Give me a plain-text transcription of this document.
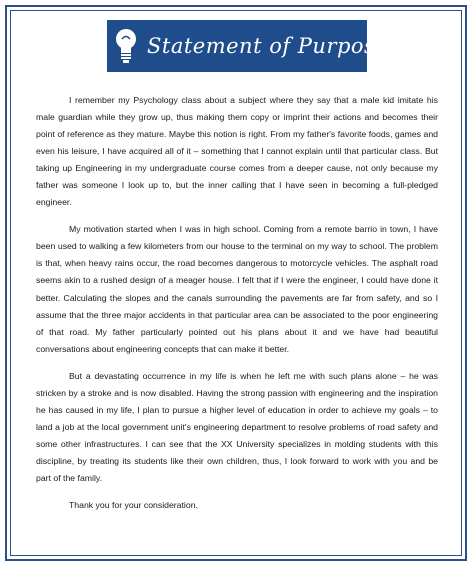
Statement of Purpose .org

I remember my Psychology class about a subject where they say that a male kid imitate his male guardian while they grow up, thus making them copy or imprint their actions and becomes their point of reference as they mature. Maybe this notion is right. From my father's favorite foods, games and even his leisure, I have acquired all of it – something that I cannot explain until that particular class. But taking up Engineering in my undergraduate course comes from a deeper cause, not only because my father was someone I look up to, but the inner calling that I have seen in becoming a full-pledged engineer.

My motivation started when I was in high school. Coming from a remote barrio in town, I have been used to walking a few kilometers from our house to the terminal on my way to school. The problem is that, when heavy rains occur, the road becomes dangerous to motorcycle vehicles. The asphalt road seems akin to a rushed design of a meager house. I felt that if I were the engineer, I could have done it better. Calculating the slopes and the canals surrounding the pavements are far from safety, and so I assume that the three major accidents in that particular area can be associated to the poor engineering of that road. My father particularly pointed out his plans about it and we have had beautiful conversations about engineering concepts that can make it better.

But a devastating occurrence in my life is when he left me with such plans alone – he was stricken by a stroke and is now disabled. Having the strong passion with engineering and the inspiration he has caused in my life, I plan to pursue a higher level of education in order to achieve my goals – to land a job at the local government unit's engineering department to resolve problems of road safety and some other infrastructures. I can see that the XX University specializes in molding students with this discipline, by treating its students like their own children, thus, I look forward to work with you and be part of the family.

Thank you for your consideration.
